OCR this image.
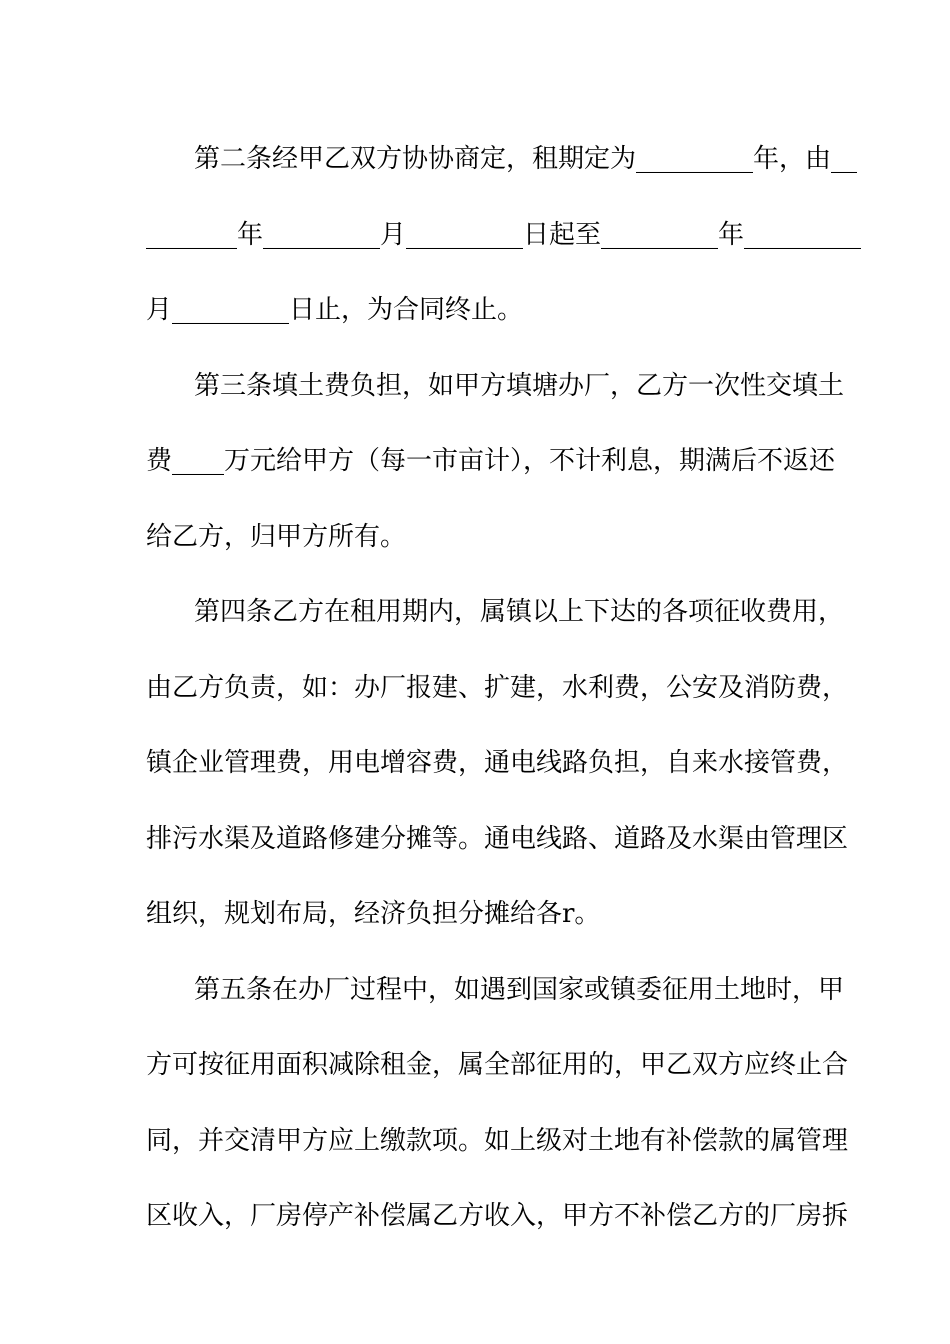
第二条经甲乙双方协协商定，租期定为_________年，由__
_______年_________月_________日起至_________年_________
月_________日止，为合同终止。
第三条填土费负担，如甲方填塘办厂，乙方一次性交填土
费____万元给甲方（每一市亩计），不计利息，期满后不返还
给乙方，归甲方所有。
第四条乙方在租用期内，属镇以上下达的各项征收费用，
由乙方负责，如：办厂报建、扩建，水利费，公安及消防费，
镇企业管理费，用电增容费，通电线路负担，自来水接管费，
排污水渠及道路修建分摊等。通电线路、道路及水渠由管理区
组织，规划布局，经济负担分摊给各r。
第五条在办厂过程中，如遇到国家或镇委征用土地时，甲
方可按征用面积减除租金，属全部征用的，甲乙双方应终止合
同，并交清甲方应上缴款项。如上级对土地有补偿款的属管理
区收入，厂房停产补偿属乙方收入，甲方不补偿乙方的厂房拆
